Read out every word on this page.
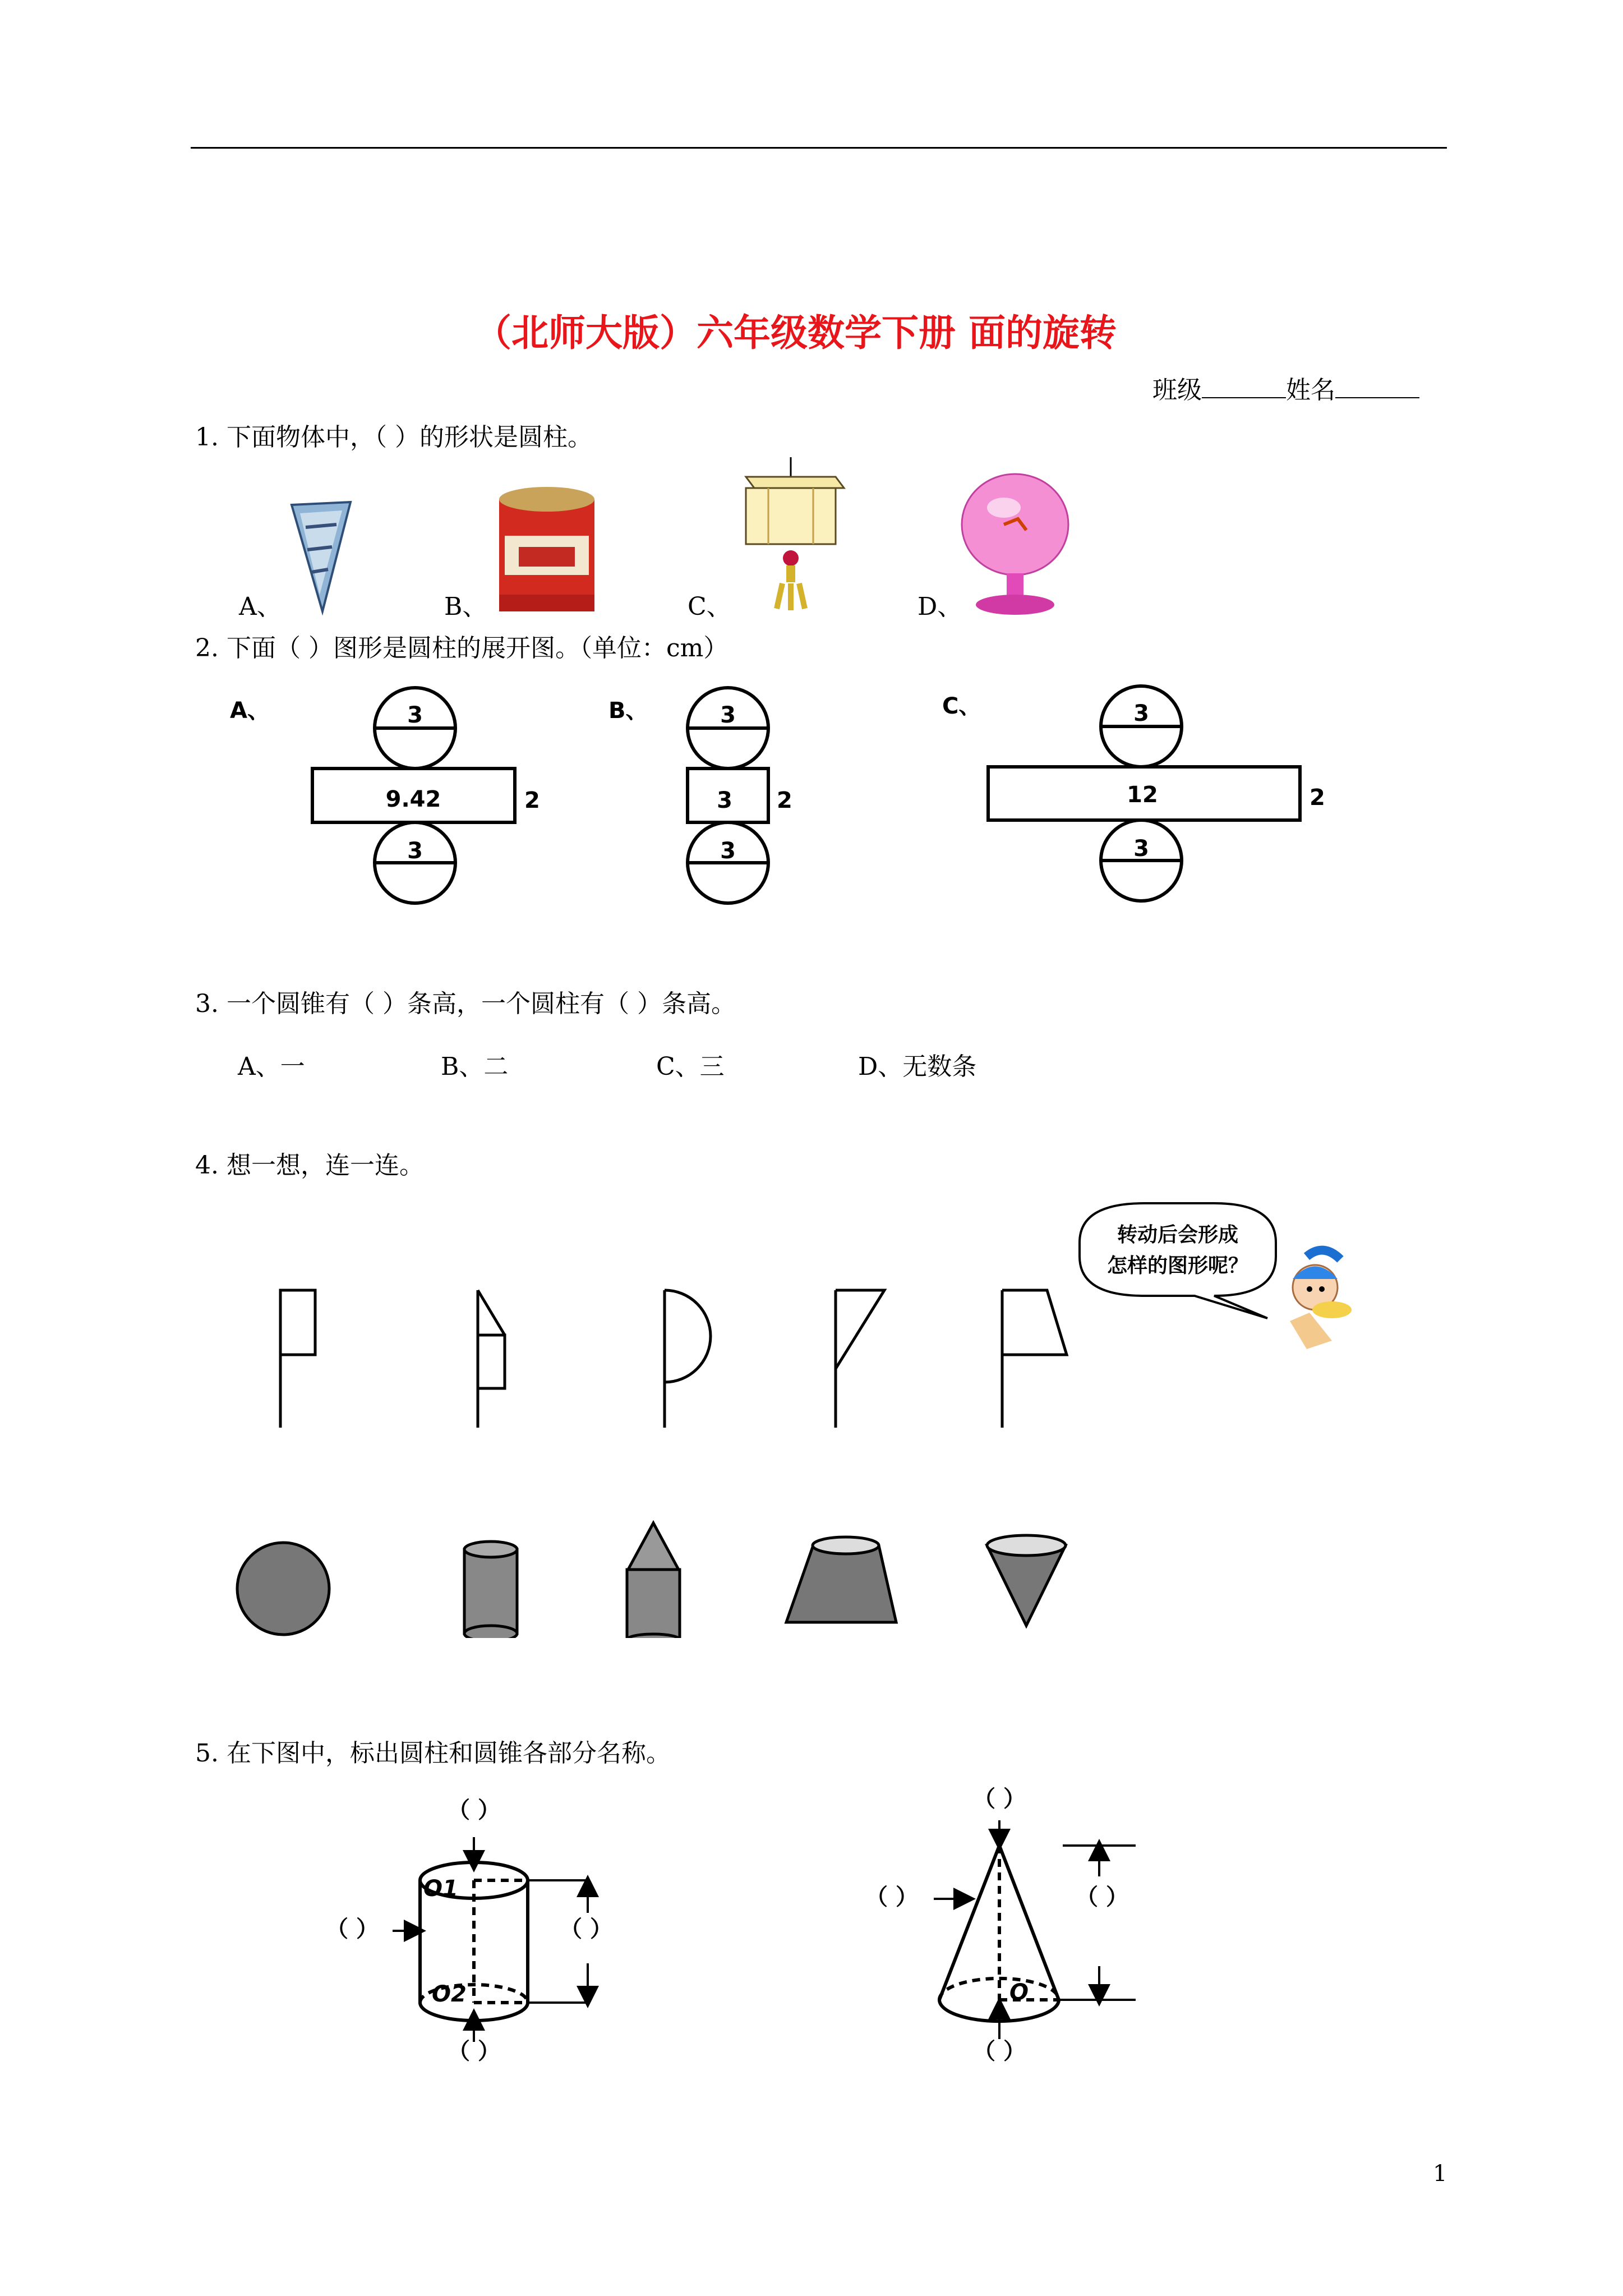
（北师大版）六年级数学下册 面的旋转
班级	姓名
1. 下面物体中，（ ）的形状是圆柱。
A、	B、	C、	D、
2. 下面（ ）图形是圆柱的展开图。（单位：cm）
A、	3
9.42	2
3
B、	3
3 2
3
C、	3
12	2
3
3. 一个圆锥有（ ）条高，一个圆柱有（ ）条高。
A、一	B、二	C、三	D、无数条
4. 想一想，连一连。
转动后会形成
怎样的图形呢？
5. 在下图中，标出圆柱和圆锥各部分名称。
（ ）
（ ）	（ ）
（ ）
O1
O2
（ ）
（ ）	（ ）
（ ）
O
1
